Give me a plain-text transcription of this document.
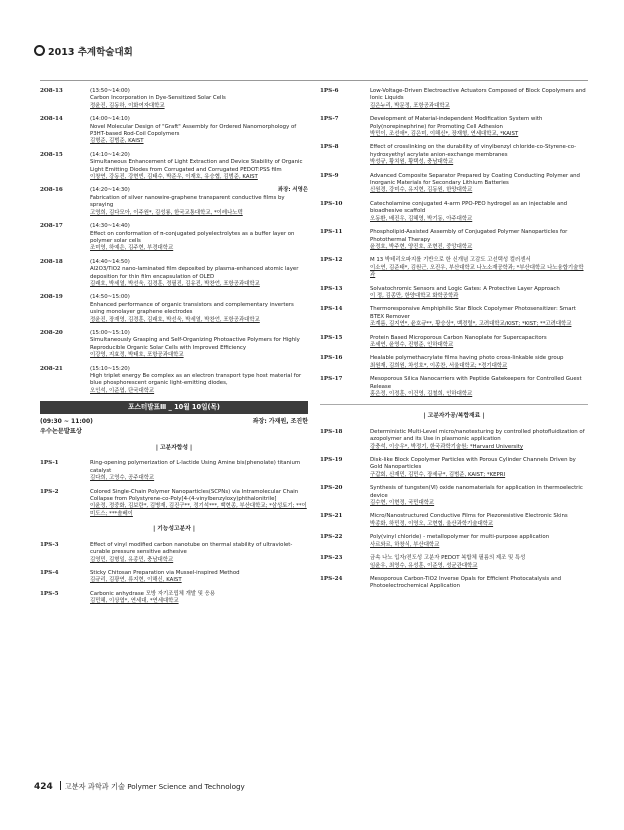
2013 추계학술대회
2O8-13	(13:50~14:00)
Carbon Incorporation in Dye-Sensitized Solar Cells
정윤진, 김동하, 이화여자대학교
2O8-14	(14:00~14:10)
Novel Molecular Design of "Graft" Assembly for Ordered Nanomorphology of P3HT-based Rod-Coil Copolymers
김형준, 김범준, KAIST
2O8-15	(14:10~14:20)
Simultaneous Enhancement of Light Extraction and Device Stability of Organic Light Emitting Diodes from Corrugated and Corrugated PEDOT:PSS film
이창연, 강동진, 강현빈, 김태수, 박준우, 이재호, 유승협, 김범준, KAIST
2O8-16	(14:20~14:30)	좌장: 서영은
Fabrication of silver nanowire-graphene transparent conductive films by spraying
고영희, 김다모아, 이주원*, 김성룡, 한국교통대학교, *이레나노텍
2O8-17	(14:30~14:40)
Effect on conformation of π-conjugated polyelectrolytes as a buffer layer on polymer solar cells
조미영, 하예은, 김주현, 부경대학교
2O8-18	(14:40~14:50)
Al2O3/TiO2 nano-laminated film deposited by plasma-enhanced atomic layer deposition for thin film encapsulation of OLED
김래호, 박세열, 박선욱, 김경훈, 정필진, 김유진, 박찬언, 포항공과대학교
2O8-19	(14:50~15:00)
Enhanced performance of organic transistors and complementary inverters using monolayer graphene electrodes
정윤진, 장재영, 김경훈, 김래호, 박선욱, 박세열, 박찬언, 포항공과대학교
2O8-20	(15:00~15:10)
Simultaneously Grasping and Self-Organizing Photoactive Polymers for Highly Reproducible Organic Solar Cells with Improved Efficiency
이강영, 지효정, 박태호, 포항공과대학교
2O8-21	(15:10~15:20)
High triplet energy Be complex as an electron transport type host material for blue phosphorescent organic light-emitting diodes,
오인석, 이준엽, 단국대학교
포스터발표Ⅲ _ 10월 10일(목)
(09:30 ~ 11:00)	좌장: 가재원, 조진한
우수논문발표상
| 고분자합성 |
1PS-1	Ring-opening polymerization of L-lactide Using Amine bis(phenolate) titanium catalyst
김다희, 고영수, 공주대학교
1PS-2	Colored Single-Chain Polymer Nanoparticles(SCPNs) via Intramolecular Chain Collapse from Polystyrene-co-Poly[4-(4-vinylbenzyloxy)phthalonitrile]
이윤정, 정중화, 김보란*, 김병재, 김진구**, 정기석***, 백현종, 부산대학교; *삼성토기; **이미도스; ***솔베이
| 기능성고분자 |
1PS-3	Effect of vinyl modified carbon nanotube on thermal stability of ultraviolet-curable pressure sensitive adhesive
김영민, 김형일, 유종민, 충남대학교
1PS-4	Sticky Chitosan Preparation via Mussel-inspired Method
김규리, 김광연, 류지현, 이해신, KAIST
1PS-5	Carbonic anhydrase 모방 자기조립체 개발 및 응용
김민혜, 이상엽*, 연세대, *연세대학교
1PS-6	Low-Voltage-Driven Electroactive Actuators Composed of Block Copolymers and Ionic Liquids
김은누리, 박문정, 포항공과대학교
1PS-7	Development of Material-independent Modification System with Poly(norepinephrine) for Promoting Cell Adhesion
박민이, 조선애*, 김은미, 이해신*, 장재형, 연세대학교, *KAIST
1PS-8	Effect of crosslinking on the durability of vinylbenzyl chloride-co-Styrene-co-hydroxyethyl acrylate anion-exchange membranes
박성규, 황치원, 황택성, 충남대학교
1PS-9	Advanced Composite Separator Prepared by Coating Conducting Polymer and Inorganic Materials for Secondary Lithium Batteries
신원경, 강미수, 유지현, 김동원, 한양대학교
1PS-10	Catecholamine conjugated 4-arm PPO-PEO hydrogel as an injectable and bioadhesive scaffold
오동환, 배진우, 김혜영, 박기동, 아주대학교
1PS-11	Phospholipid-Assisted Assembly of Conjugated Polymer Nanoparticles for Photothermal Therapy
윤정호, 박주현, 양진호, 조현진, 중앙대학교
1PS-12	M 13 박테리오파지를 기반으로 한 신개념 고감도 고선택성 컬러센서
이소연, 김준태*, 김원근, 오진우, 부산대학교 나노소재공학과; *부산대학교 나노융합기술학과
1PS-13	Solvatochromic Sensors and Logic Gates: A Protective Layer Approach
이 정, 김종만, 한양대학교 화학공학과
1PS-14	Thermoresponsive Amphiphilic Star Block Copolymer Photosensitizer: Smart BTEX Remover
조계름, 김지연*, 윤호규**, 황승상*, 백경렬*, 고려대학교/KIST; *KIST; **고려대학교
1PS-15	Protein Based Microporous Carbon Nanoplate for Supercapacitors
조세연, 윤영수, 진형준, 인하대학교
1PS-16	Healable polymethacrylate films having photo cross-linkable side group
최원재, 김희원, 차성호*, 이종찬, 서울대학교; *경기대학교
1PS-17	Mesoporous Silica Nanocarriers with Peptide Gatekeepers for Controlled Guest Release
홍은정, 이정훈, 이건영, 김철희, 인하대학교
| 고분자가공/복합재료 |
1PS-18	Deterministic Multi-Level micro/nanotexturing by controlled photofluidization of azopolymer and its Use in plasmonic application
강충석, 이승우*, 박정기, 한국과학기술원; *Harvard University
1PS-19	Disk-like Block Copolymer Particles with Porous Cylinder Channels Driven by Gold Nanoparticles
구갑회, 신재민, 김민수, 장세규*, 김범준, KAIST; *KEPRI
1PS-20	Synthesis of tungsten(Ⅵ) oxide nanomaterials for application in thermoelectric device
김수현, 이현정, 국민대학교
1PS-21	Micro/Nanostructured Conductive Films for Piezoresistive Electronic Skins
박종화, 하민정, 이영오, 고현협, 울산과학기술대학교
1PS-22	Poly(vinyl chloride) - metallopolymer for multi-purpose application
사르와르, 하창식, 부산대학교
1PS-23	금속 나노 입자/전도성 고분자 PEDOT 복합체 필름의 제조 및 특성
임윤우, 최영수, 유성훈, 이준영, 성균관대학교
1PS-24	Mesoporous Carbon-TiO2 Inverse Opals for Efficient Photocatalysis and Photoelectrochemical Application
424 고분자 과학과 기술 Polymer Science and Technology
